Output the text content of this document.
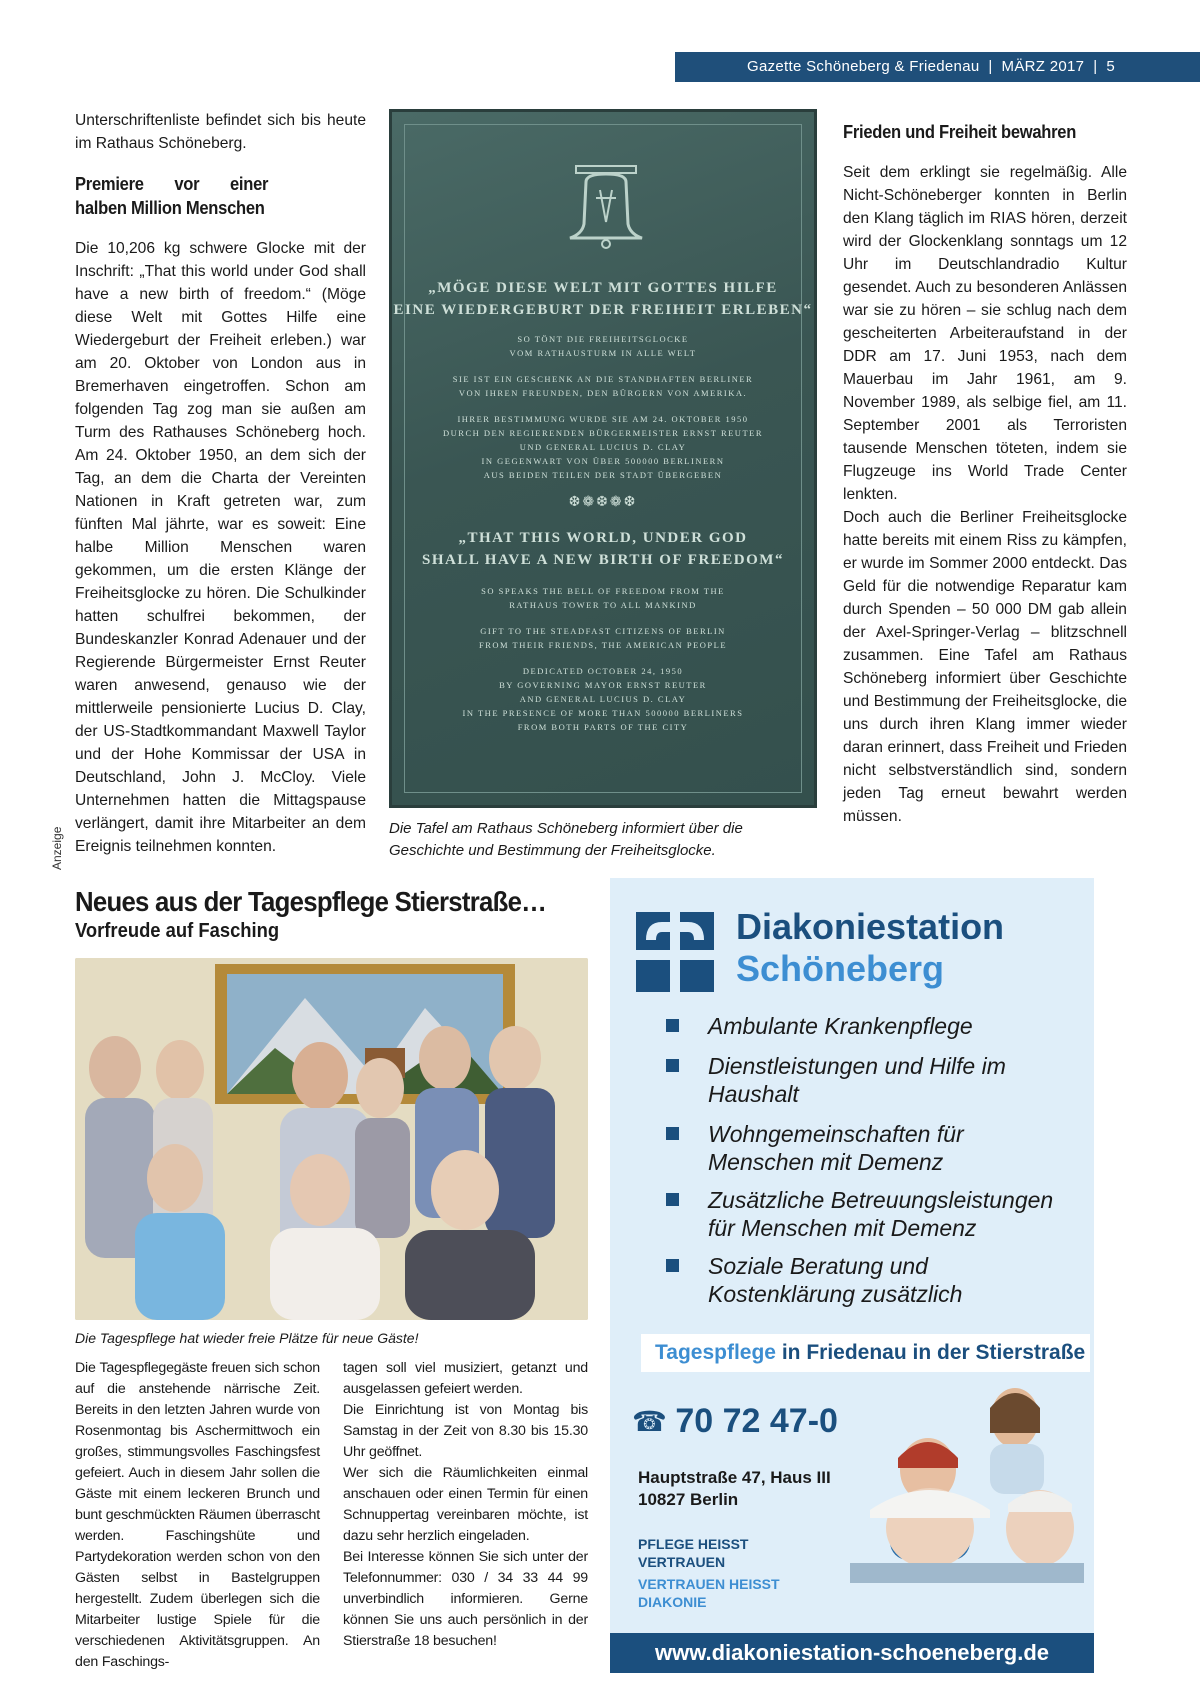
Gazette Schöneberg & Friedenau  |  MÄRZ 2017  |  5

Unterschriftenliste befindet sich bis heute im Rathaus Schöneberg.

Premiere vor einer halben Million Menschen

Die 10,206 kg schwere Glocke mit der Inschrift: „That this world under God shall have a new birth of freedom.“ (Möge diese Welt mit Gottes Hilfe eine Wiedergeburt der Freiheit erleben.) war am 20. Oktober von London aus in Bremerhaven eingetroffen. Schon am folgenden Tag zog man sie außen am Turm des Rathauses Schöneberg hoch. Am 24. Oktober 1950, an dem sich der Tag, an dem die Charta der Vereinten Nationen in Kraft getreten war, zum fünften Mal jährte, war es soweit: Eine halbe Million Menschen waren gekommen, um die ersten Klänge der Freiheitsglocke zu hören. Die Schulkinder hatten schulfrei bekommen, der Bundeskanzler Konrad Adenauer und der Regierende Bürgermeister Ernst Reuter waren anwesend, genauso wie der mittlerweile pensionierte Lucius D. Clay, der US-Stadtkommandant Maxwell Taylor und der Hohe Kommissar der USA in Deutschland, John J. McCloy. Viele Unternehmen hatten die Mittagspause verlängert, damit ihre Mitarbeiter an dem Ereignis teilnehmen konnten.

„MÖGE DIESE WELT MIT GOTTES HILFE
EINE WIEDERGEBURT DER FREIHEIT ERLEBEN“
SO TÖNT DIE FREIHEITSGLOCKE
VOM RATHAUSTURM IN ALLE WELT
SIE IST EIN GESCHENK AN DIE STANDHAFTEN BERLINER
VON IHREN FREUNDEN, DEN BÜRGERN VON AMERIKA.
IHRER BESTIMMUNG WURDE SIE AM 24. OKTOBER 1950
DURCH DEN REGIERENDEN BÜRGERMEISTER ERNST REUTER
UND GENERAL LUCIUS D. CLAY
IN GEGENWART VON ÜBER 500000 BERLINERN
AUS BEIDEN TEILEN DER STADT ÜBERGEBEN
❆❁❆❁❆
„THAT THIS WORLD, UNDER GOD
SHALL HAVE A NEW BIRTH OF FREEDOM“
SO SPEAKS THE BELL OF FREEDOM FROM THE
RATHAUS TOWER TO ALL MANKIND
GIFT TO THE STEADFAST CITIZENS OF BERLIN
FROM THEIR FRIENDS, THE AMERICAN PEOPLE
DEDICATED OCTOBER 24, 1950
BY GOVERNING MAYOR ERNST REUTER
AND GENERAL LUCIUS D. CLAY
IN THE PRESENCE OF MORE THAN 500000 BERLINERS
FROM BOTH PARTS OF THE CITY
Die Tafel am Rathaus Schöneberg informiert über die Geschichte und Bestimmung der Freiheitsglocke.
Frieden und Freiheit bewahren

Seit dem erklingt sie regelmäßig. Alle Nicht-Schöneberger konnten in Berlin den Klang täglich im RIAS hören, derzeit wird der Glockenklang sonntags um 12 Uhr im Deutschlandradio Kultur gesendet. Auch zu besonderen Anlässen war sie zu hören – sie schlug nach dem gescheiterten Arbeiteraufstand in der DDR am 17. Juni 1953, nach dem Mauerbau im Jahr 1961, am 9. November 1989, als selbige fiel, am 11. September 2001 als Terroristen tausende Menschen töteten, indem sie Flugzeuge ins World Trade Center lenkten.

Doch auch die Berliner Freiheitsglocke hatte bereits mit einem Riss zu kämpfen, er wurde im Sommer 2000 entdeckt. Das Geld für die notwendige Reparatur kam durch Spenden – 50 000 DM gab allein der Axel-Springer-Verlag – blitzschnell zusammen. Eine Tafel am Rathaus Schöneberg informiert über Geschichte und Bestimmung der Freiheitsglocke, die uns durch ihren Klang immer wieder daran erinnert, dass Freiheit und Frieden nicht selbstverständlich sind, sondern jeden Tag erneut bewahrt werden müssen.

Anzeige
Neues aus der Tagespflege Stierstraße…
Vorfreude auf Fasching
Die Tagespflege hat wieder freie Plätze für neue Gäste!

Die Tagespflegegäste freuen sich schon auf die anstehende närrische Zeit. Bereits in den letzten Jahren wurde von Rosenmontag bis Aschermittwoch ein großes, stimmungsvolles Faschingsfest gefeiert. Auch in diesem Jahr sollen die Gäste mit einem leckeren Brunch und bunt geschmückten Räumen überrascht werden. Faschingshüte und Partydekoration werden schon von den Gästen selbst in Bastelgruppen hergestellt. Zudem überlegen sich die Mitarbeiter lustige Spiele für die verschiedenen Aktivitätsgruppen. An den Faschings-

tagen soll viel musiziert, getanzt und ausgelassen gefeiert werden.

Die Einrichtung ist von Montag bis Samstag in der Zeit von 8.30 bis 15.30 Uhr geöffnet.

Wer sich die Räumlichkeiten einmal anschauen oder einen Termin für einen Schnuppertag vereinbaren möchte, ist dazu sehr herzlich eingeladen.

Bei Interesse können Sie sich unter der Telefonnummer: 030 / 34 33 44 99 unverbindlich informieren. Gerne können Sie uns auch persönlich in der Stierstraße 18 besuchen!

Diakoniestation
Schöneberg
Ambulante Krankenpflege
Dienstleistungen und Hilfe im Haushalt
Wohngemeinschaften für Menschen mit Demenz
Zusätzliche Betreuungsleistungen für Menschen mit Demenz
Soziale Beratung und Kostenklärung zusätzlich
Tagespflege in Friedenau in der Stierstraße
☎ 70 72 47-0
Hauptstraße 47, Haus III
10827 Berlin
PFLEGE HEISST
VERTRAUEN
VERTRAUEN HEISST
DIAKONIE
www.diakoniestation-schoeneberg.de
